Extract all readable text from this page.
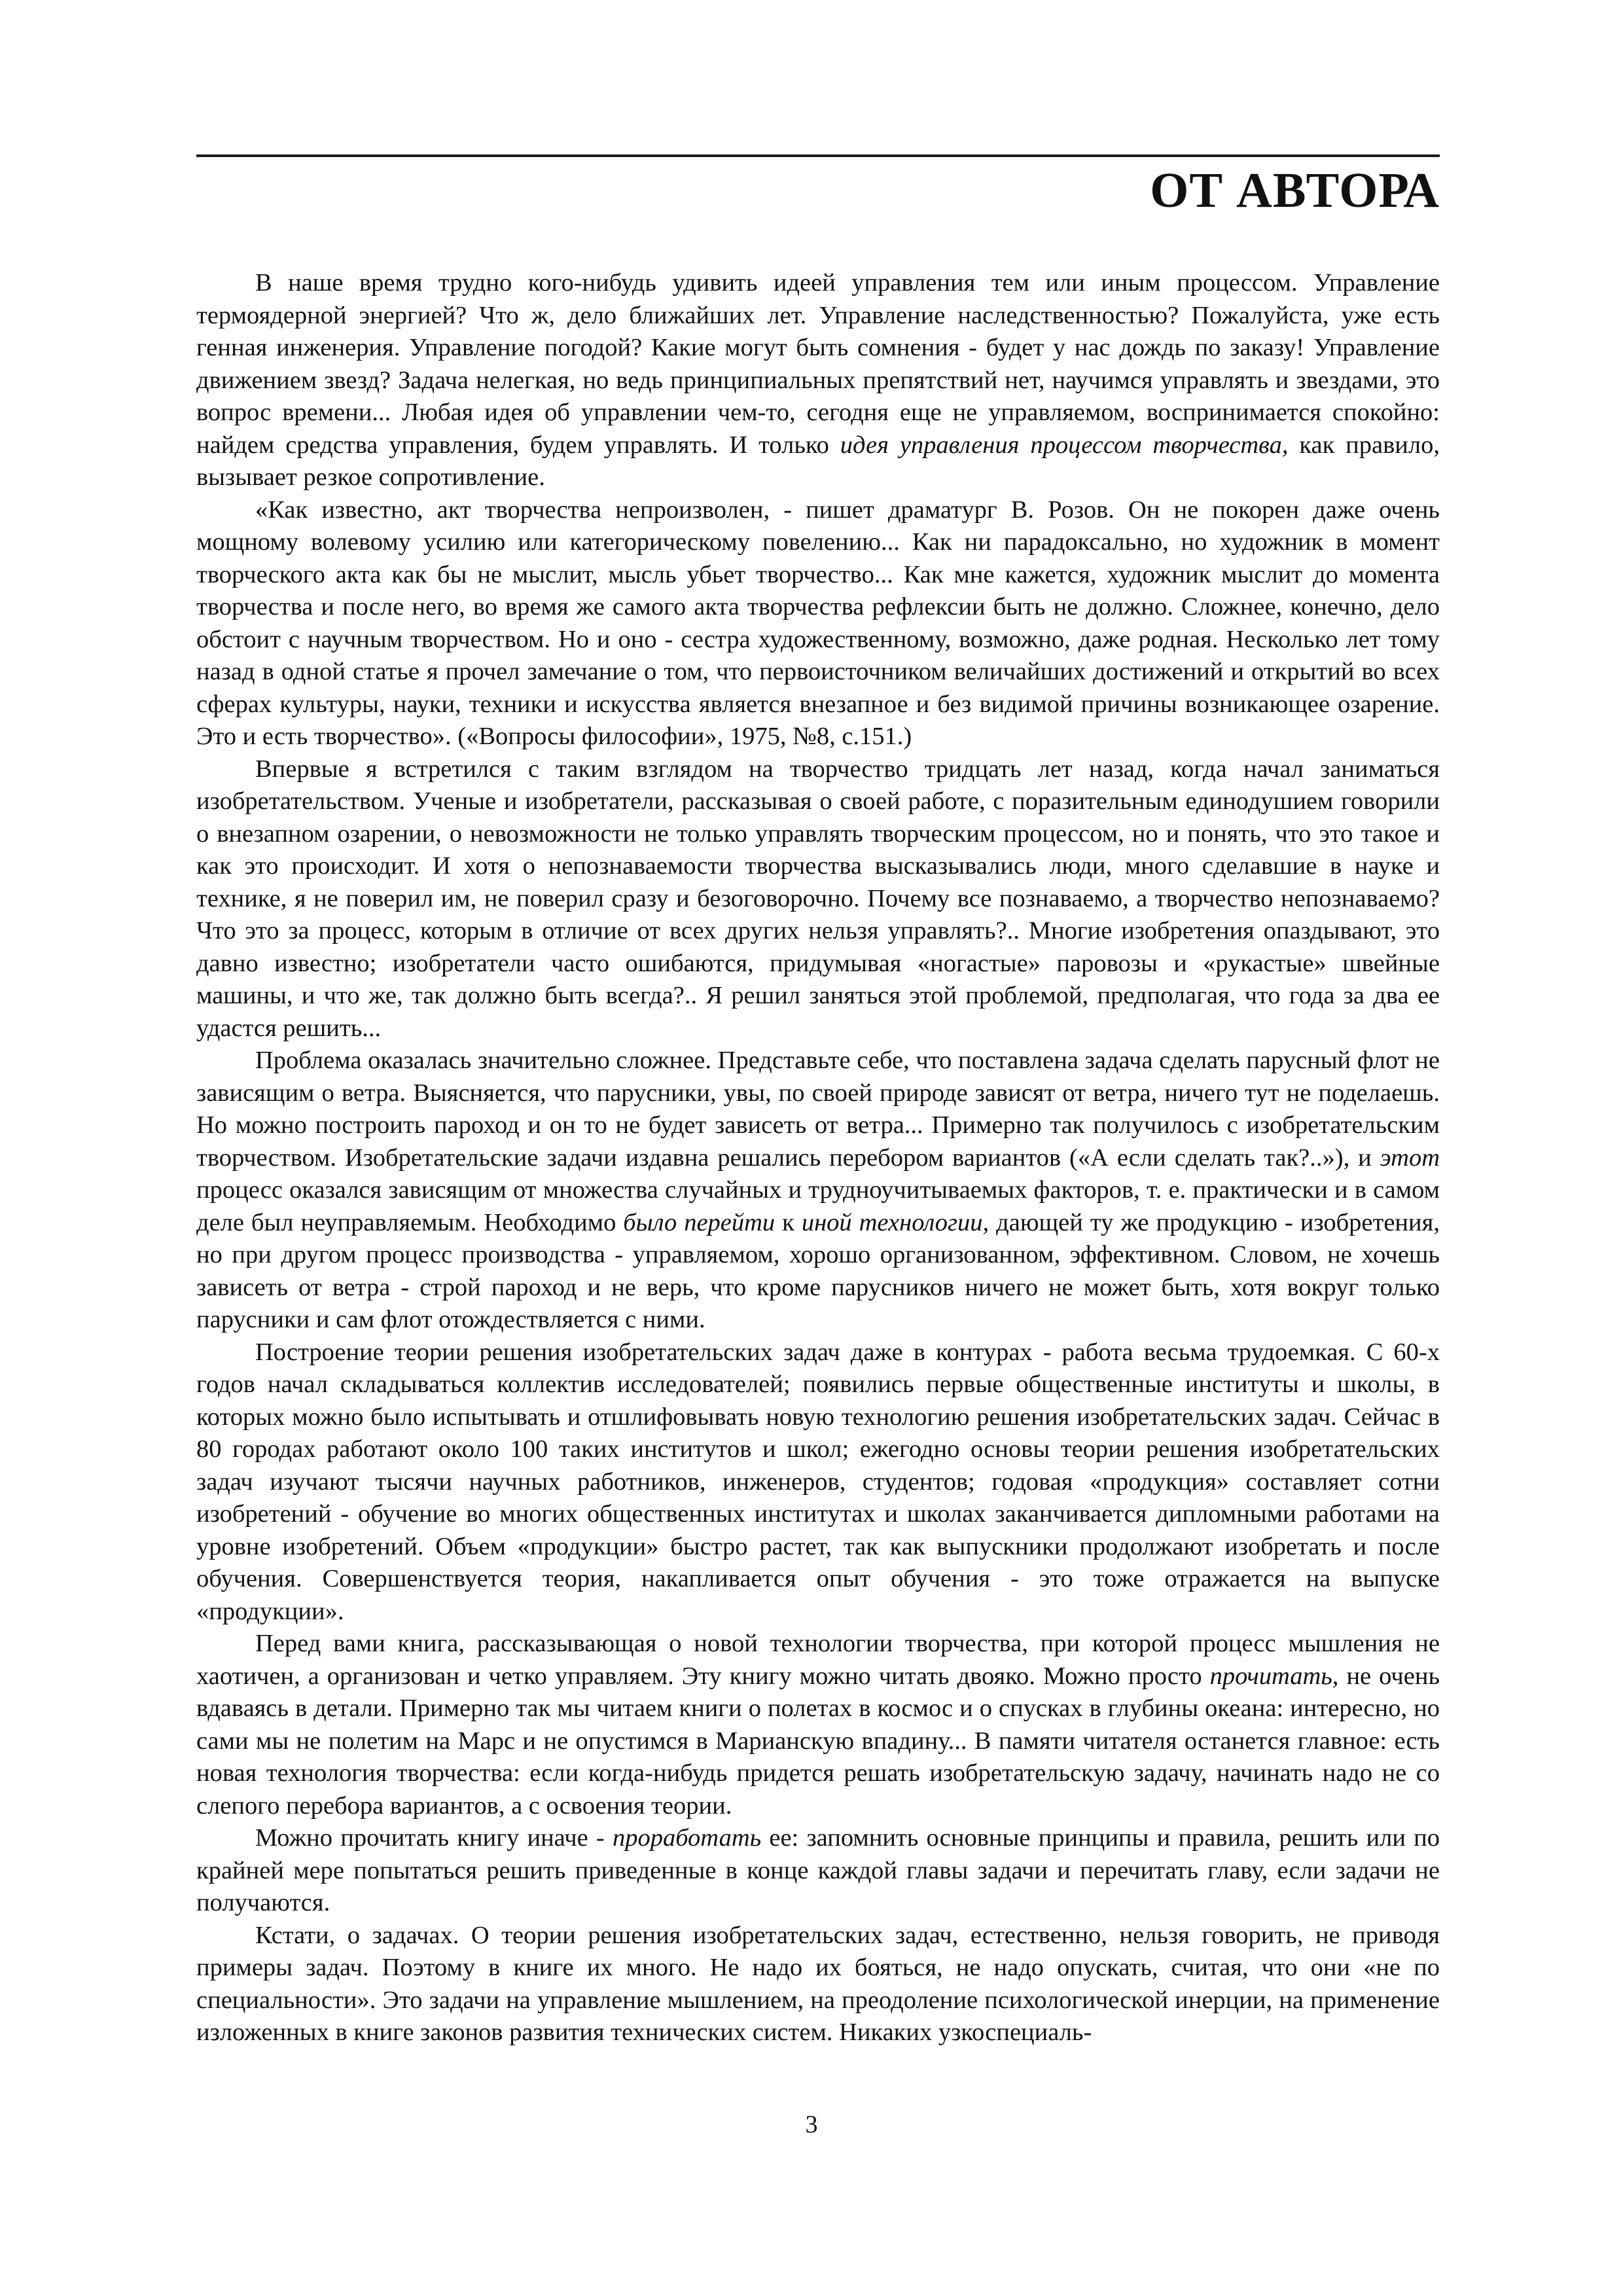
ОТ АВТОРА

В наше время трудно кого-нибудь удивить идеей управления тем или иным процессом. Управление термоядерной энергией? Что ж, дело ближайших лет. Управление наследственностью? Пожалуйста, уже есть генная инженерия. Управление погодой? Какие могут быть сомнения - будет у нас дождь по заказу! Управление движением звезд? Задача нелегкая, но ведь принципиальных препятствий нет, научимся управлять и звездами, это вопрос времени... Любая идея об управлении чем-то, сегодня еще не управляемом, воспринимается спокойно: найдем средства управления, будем управлять. И только идея управления процессом творчества, как правило, вызывает резкое сопротивление.

«Как известно, акт творчества непроизволен, - пишет драматург В. Розов. Он не покорен даже очень мощному волевому усилию или категорическому повелению... Как ни парадоксально, но художник в момент творческого акта как бы не мыслит, мысль убьет творчество... Как мне кажется, художник мыслит до момента творчества и после него, во время же самого акта творчества рефлексии быть не должно. Сложнее, конечно, дело обстоит с научным творчеством. Но и оно - сестра художественному, возможно, даже родная. Несколько лет тому назад в одной статье я прочел замечание о том, что первоисточником величайших достижений и открытий во всех сферах культуры, науки, техники и искусства является внезапное и без видимой причины возникающее озарение. Это и есть творчество». («Вопросы философии», 1975, №8, с.151.)

Впервые я встретился с таким взглядом на творчество тридцать лет назад, когда начал заниматься изобретательством. Ученые и изобретатели, рассказывая о своей работе, с поразительным единодушием говорили о внезапном озарении, о невозможности не только управлять творческим процессом, но и понять, что это такое и как это происходит. И хотя о непознаваемости творчества высказывались люди, много сделавшие в науке и технике, я не поверил им, не поверил сразу и безоговорочно. Почему все познаваемо, а творчество непознаваемо? Что это за процесс, которым в отличие от всех других нельзя управлять?.. Многие изобретения опаздывают, это давно известно; изобретатели часто ошибаются, придумывая «ногастые» паровозы и «рукастые» швейные машины, и что же, так должно быть всегда?.. Я решил заняться этой проблемой, предполагая, что года за два ее удастся решить...

Проблема оказалась значительно сложнее. Представьте себе, что поставлена задача сделать парусный флот не зависящим о ветра. Выясняется, что парусники, увы, по своей природе зависят от ветра, ничего тут не поделаешь. Но можно построить пароход и он то не будет зависеть от ветра... Примерно так получилось с изобретательским творчеством. Изобретательские задачи издавна решались перебором вариантов («А если сделать так?..»), и этот процесс оказался зависящим от множества случайных и трудноучитываемых факторов, т. е. практически и в самом деле был неуправляемым. Необходимо было перейти к иной технологии, дающей ту же продукцию - изобретения, но при другом процесс производства - управляемом, хорошо организованном, эффективном. Словом, не хочешь зависеть от ветра - строй пароход и не верь, что кроме парусников ничего не может быть, хотя вокруг только парусники и сам флот отождествляется с ними.

Построение теории решения изобретательских задач даже в контурах - работа весьма трудоемкая. С 60-х годов начал складываться коллектив исследователей; появились первые общественные институты и школы, в которых можно было испытывать и отшлифовывать новую технологию решения изобретательских задач. Сейчас в 80 городах работают около 100 таких институтов и школ; ежегодно основы теории решения изобретательских задач изучают тысячи научных работников, инженеров, студентов; годовая «продукция» составляет сотни изобретений - обучение во многих общественных институтах и школах заканчивается дипломными работами на уровне изобретений. Объем «продукции» быстро растет, так как выпускники продолжают изобретать и после обучения. Совершенствуется теория, накапливается опыт обучения - это тоже отражается на выпуске «продукции».

Перед вами книга, рассказывающая о новой технологии творчества, при которой процесс мышления не хаотичен, а организован и четко управляем. Эту книгу можно читать двояко. Можно просто прочитать, не очень вдаваясь в детали. Примерно так мы читаем книги о полетах в космос и о спусках в глубины океана: интересно, но сами мы не полетим на Марс и не опустимся в Марианскую впадину... В памяти читателя останется главное: есть новая технология творчества: если когда-нибудь придется решать изобретательскую задачу, начинать надо не со слепого перебора вариантов, а с освоения теории.

Можно прочитать книгу иначе - проработать ее: запомнить основные принципы и правила, решить или по крайней мере попытаться решить приведенные в конце каждой главы задачи и перечитать главу, если задачи не получаются.

Кстати, о задачах. О теории решения изобретательских задач, естественно, нельзя говорить, не приводя примеры задач. Поэтому в книге их много. Не надо их бояться, не надо опускать, считая, что они «не по специальности». Это задачи на управление мышлением, на преодоление психологической инерции, на применение изложенных в книге законов развития технических систем. Никаких узкоспециаль-

3
